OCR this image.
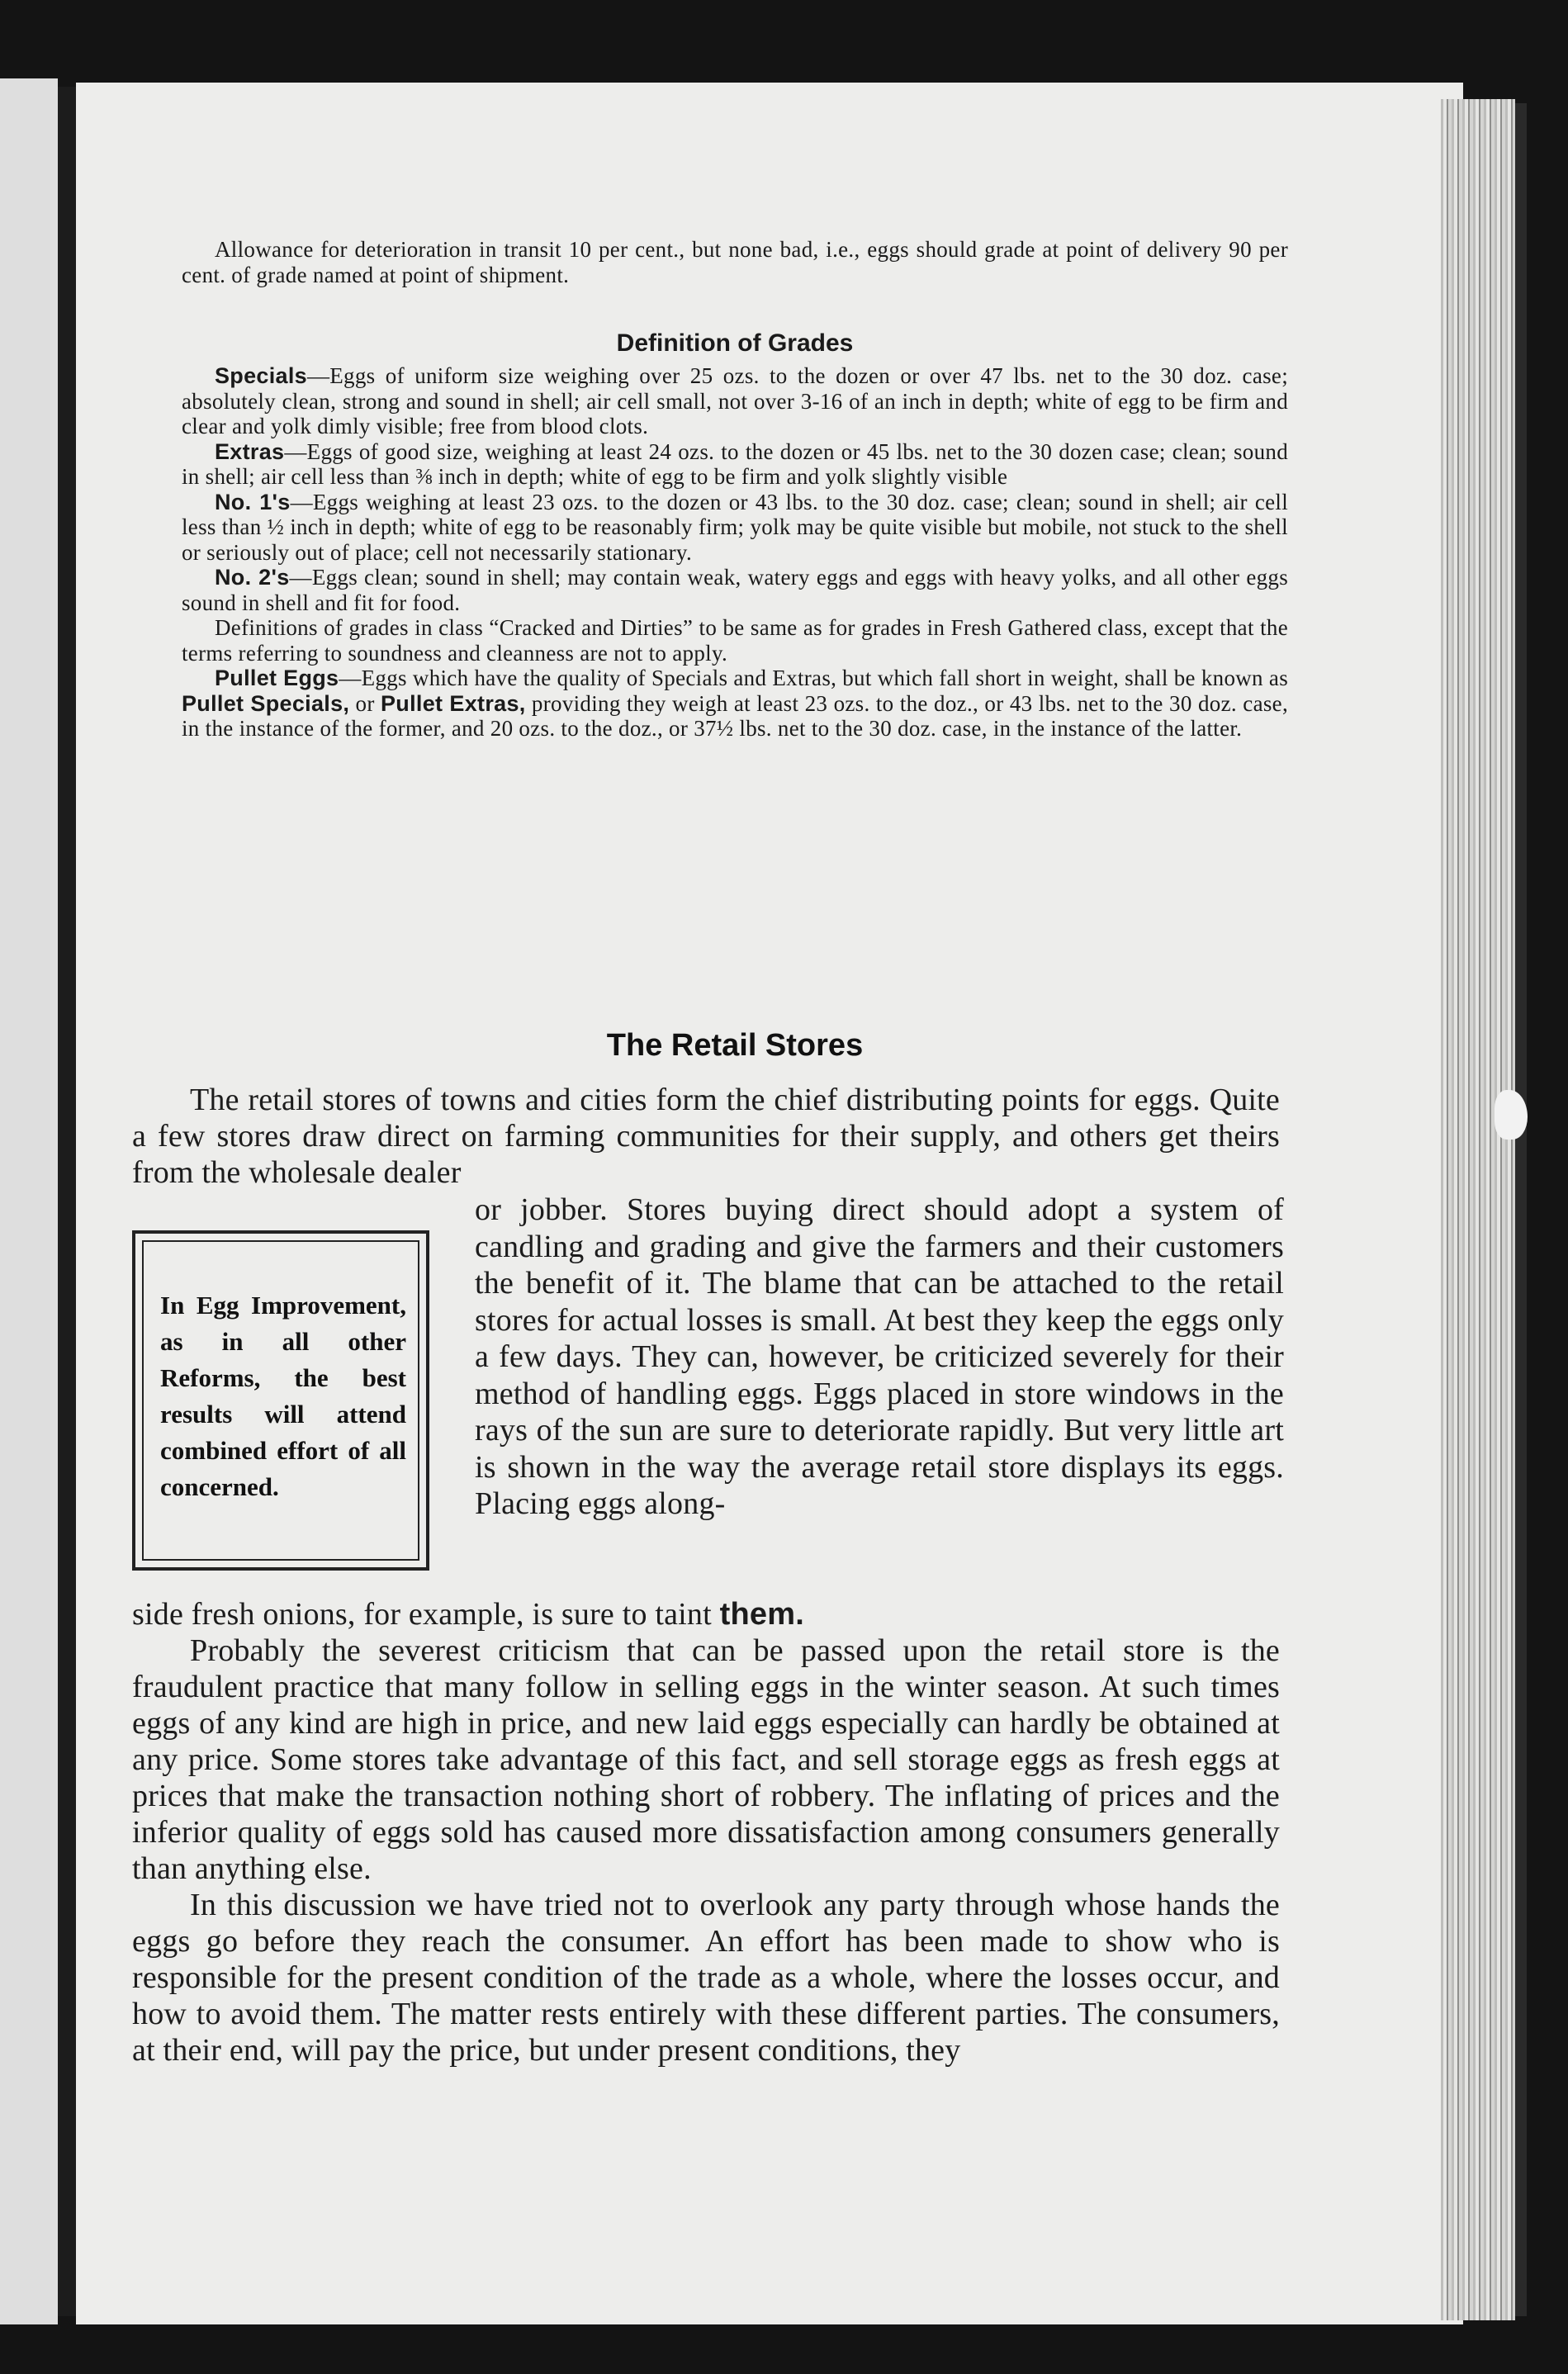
Allowance for deterioration in transit 10 per cent., but none bad, i.e., eggs should grade at point of delivery 90 per cent. of grade named at point of shipment.

Definition of Grades

Specials—Eggs of uniform size weighing over 25 ozs. to the dozen or over 47 lbs. net to the 30 doz. case; absolutely clean, strong and sound in shell; air cell small, not over 3-16 of an inch in depth; white of egg to be firm and clear and yolk dimly visible; free from blood clots.

Extras—Eggs of good size, weighing at least 24 ozs. to the dozen or 45 lbs. net to the 30 dozen case; clean; sound in shell; air cell less than ⅜ inch in depth; white of egg to be firm and yolk slightly visible

No. 1's—Eggs weighing at least 23 ozs. to the dozen or 43 lbs. to the 30 doz. case; clean; sound in shell; air cell less than ½ inch in depth; white of egg to be reasonably firm; yolk may be quite visible but mobile, not stuck to the shell or seriously out of place; cell not necessarily stationary.

No. 2's—Eggs clean; sound in shell; may contain weak, watery eggs and eggs with heavy yolks, and all other eggs sound in shell and fit for food.

Definitions of grades in class “Cracked and Dirties” to be same as for grades in Fresh Gathered class, except that the terms referring to soundness and cleanness are not to apply.

Pullet Eggs—Eggs which have the quality of Specials and Extras, but which fall short in weight, shall be known as Pullet Specials, or Pullet Extras, providing they weigh at least 23 ozs. to the doz., or 43 lbs. net to the 30 doz. case, in the instance of the former, and 20 ozs. to the doz., or 37½ lbs. net to the 30 doz. case, in the instance of the latter.

The Retail Stores

The retail stores of towns and cities form the chief distributing points for eggs. Quite a few stores draw direct on farming communities for their supply, and others get theirs from the wholesale dealer

or jobber. Stores buying direct should adopt a system of candling and grading and give the farmers and their customers the benefit of it. The blame that can be attached to the retail stores for actual losses is small. At best they keep the eggs only a few days. They can, however, be criticized severely for their method of handling eggs. Eggs placed in store windows in the rays of the sun are sure to deteriorate rapidly. But very little art is shown in the way the average retail store displays its eggs. Placing eggs along-
In Egg Improvement, as in all other Reforms, the best results will attend combined effort of all concerned.

side fresh onions, for example, is sure to taint them.

Probably the severest criticism that can be passed upon the retail store is the fraudulent practice that many follow in selling eggs in the winter season. At such times eggs of any kind are high in price, and new laid eggs especially can hardly be obtained at any price. Some stores take advantage of this fact, and sell storage eggs as fresh eggs at prices that make the transaction nothing short of robbery. The inflating of prices and the inferior quality of eggs sold has caused more dissatisfaction among consumers generally than anything else.

In this discussion we have tried not to overlook any party through whose hands the eggs go before they reach the consumer. An effort has been made to show who is responsible for the present condition of the trade as a whole, where the losses occur, and how to avoid them. The matter rests entirely with these different parties. The consumers, at their end, will pay the price, but under present conditions, they
